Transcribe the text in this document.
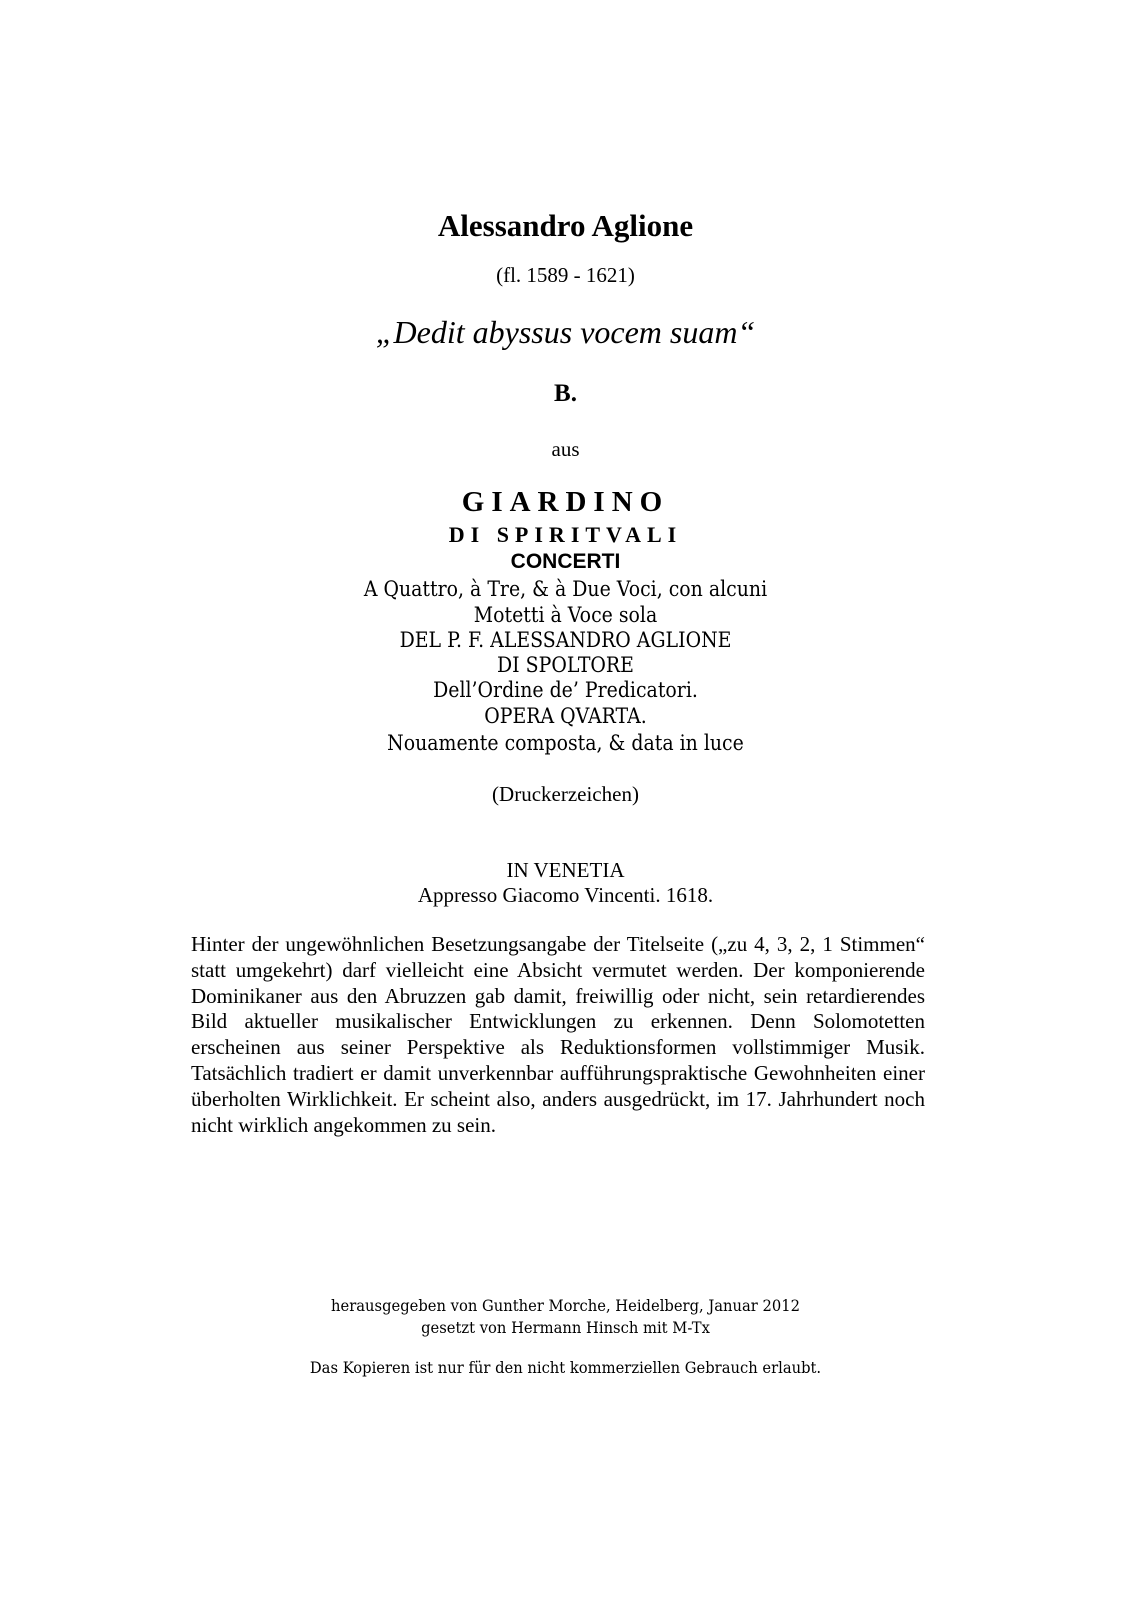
Alessandro Aglione
(fl. 1589 - 1621)
„Dedit abyssus vocem suam“
B.
aus
GIARDINO
DI SPIRITVALI
CONCERTI
A Quattro, à Tre, & à Due Voci, con alcuni
Motetti à Voce sola
DEL P. F. ALESSANDRO AGLIONE
DI SPOLTORE
Dell’Ordine de’ Predicatori.
OPERA QVARTA.
Nouamente composta, & data in luce
(Druckerzeichen)
IN VENETIA
Appresso Giacomo Vincenti. 1618.

Hinter der ungewöhnlichen Besetzungsangabe der Titelseite („zu 4, 3, 2, 1 Stimmen“ statt umgekehrt) darf vielleicht eine Absicht vermutet werden. Der komponierende Dominikaner aus den Abruzzen gab damit, freiwillig oder nicht, sein retardierendes Bild aktueller musikalischer Entwicklungen zu erkennen. Denn Solomotetten erscheinen aus seiner Perspektive als Reduktionsformen vollstimmiger Musik. Tatsächlich tradiert er damit unverkennbar aufführungspraktische Gewohnheiten einer überholten Wirklichkeit. Er scheint also, anders ausgedrückt, im 17. Jahrhundert noch nicht wirklich angekommen zu sein.

herausgegeben von Gunther Morche, Heidelberg, Januar 2012
gesetzt von Hermann Hinsch mit M-Tx
Das Kopieren ist nur für den nicht kommerziellen Gebrauch erlaubt.
